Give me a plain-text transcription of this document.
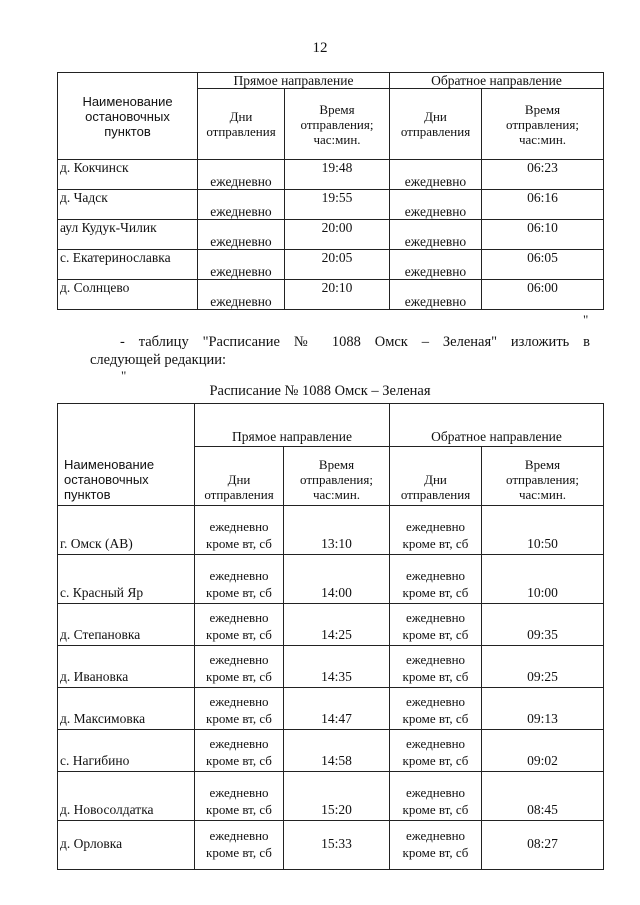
12
Наименование
остановочных
пунктов	Прямое направление		Обратное направление	

	Дни
отправления	Время
отправления;
час:мин.	Дни
отправления	Время
отправления;
час:мин.

д. Кокчинск	ежедневно	19:48	ежедневно	06:23
д. Чадск	ежедневно	19:55	ежедневно	06:16
аул Кудук-Чилик	ежедневно	20:00	ежедневно	06:10
с. Екатеринославка	ежедневно	20:05	ежедневно	06:05
д. Солнцево	ежедневно	20:10	ежедневно	06:00
"
- таблицу "Расписание № 1088 Омск – Зеленая" изложить в
следующей редакции:
"
Расписание № 1088 Омск – Зеленая
Наименование
остановочных
пунктов	Прямое направление		Обратное направление	

	Дни
отправления	Время
отправления;
час:мин.	Дни
отправления	Время
отправления;
час:мин.

г. Омск (АВ)	ежедневно
кроме вт, сб	13:10	ежедневно
кроме вт, сб	10:50
с. Красный Яр	ежедневно
кроме вт, сб	14:00	ежедневно
кроме вт, сб	10:00
д. Степановка	ежедневно
кроме вт, сб	14:25	ежедневно
кроме вт, сб	09:35
д. Ивановка	ежедневно
кроме вт, сб	14:35	ежедневно
кроме вт, сб	09:25
д. Максимовка	ежедневно
кроме вт, сб	14:47	ежедневно
кроме вт, сб	09:13
с. Нагибино	ежедневно
кроме вт, сб	14:58	ежедневно
кроме вт, сб	09:02
д. Новосолдатка	ежедневно
кроме вт, сб	15:20	ежедневно
кроме вт, сб	08:45
д. Орловка	ежедневно
кроме вт, сб	15:33	ежедневно
кроме вт, сб	08:27
